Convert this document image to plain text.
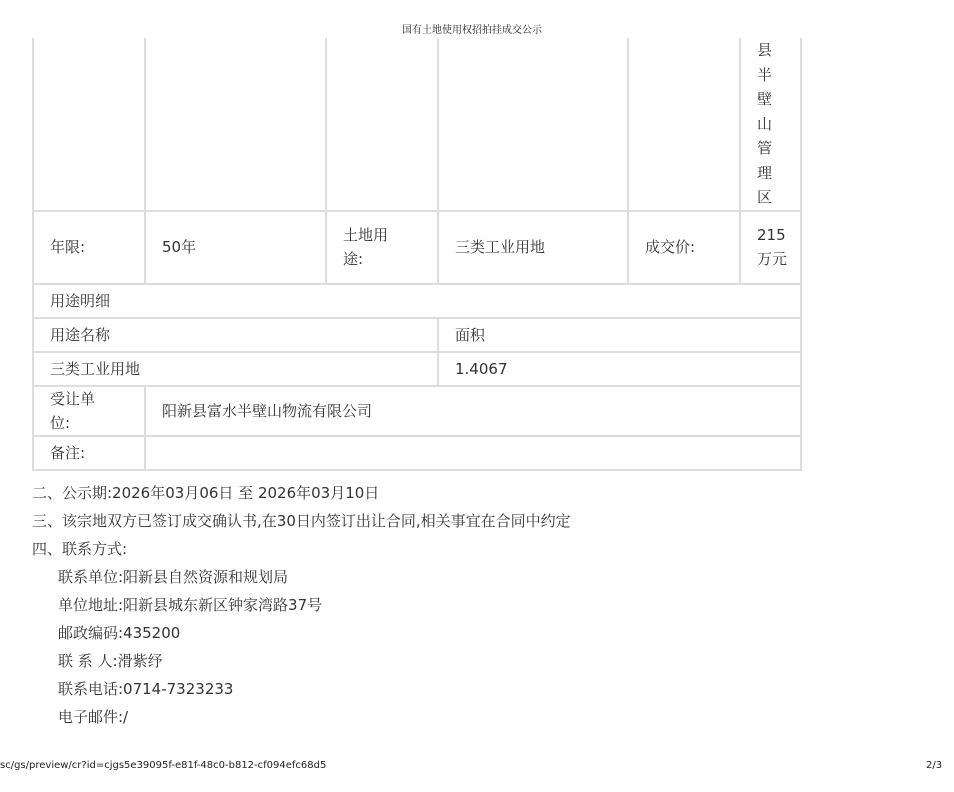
国有土地使用权招拍挂成交公示

					县半壁山管理区

年限:	50年	土地用途:	三类工业用地	成交价:	215万元

用途明细					
用途名称			面积		
三类工业用地			1.4067		

受让单位:	阳新县富水半壁山物流有限公司				
备注:					
二、公示期:2026年03月06日 至 2026年03月10日
三、该宗地双方已签订成交确认书,在30日内签订出让合同,相关事宜在合同中约定
四、联系方式:
联系单位:阳新县自然资源和规划局
单位地址:阳新县城东新区钟家湾路37号
邮政编码:435200
联 系 人:滑紫纾
联系电话:0714-7323233
电子邮件:/
sc/gs/preview/cr?id=cjgs5e39095f-e81f-48c0-b812-cf094efc68d5	2/3
